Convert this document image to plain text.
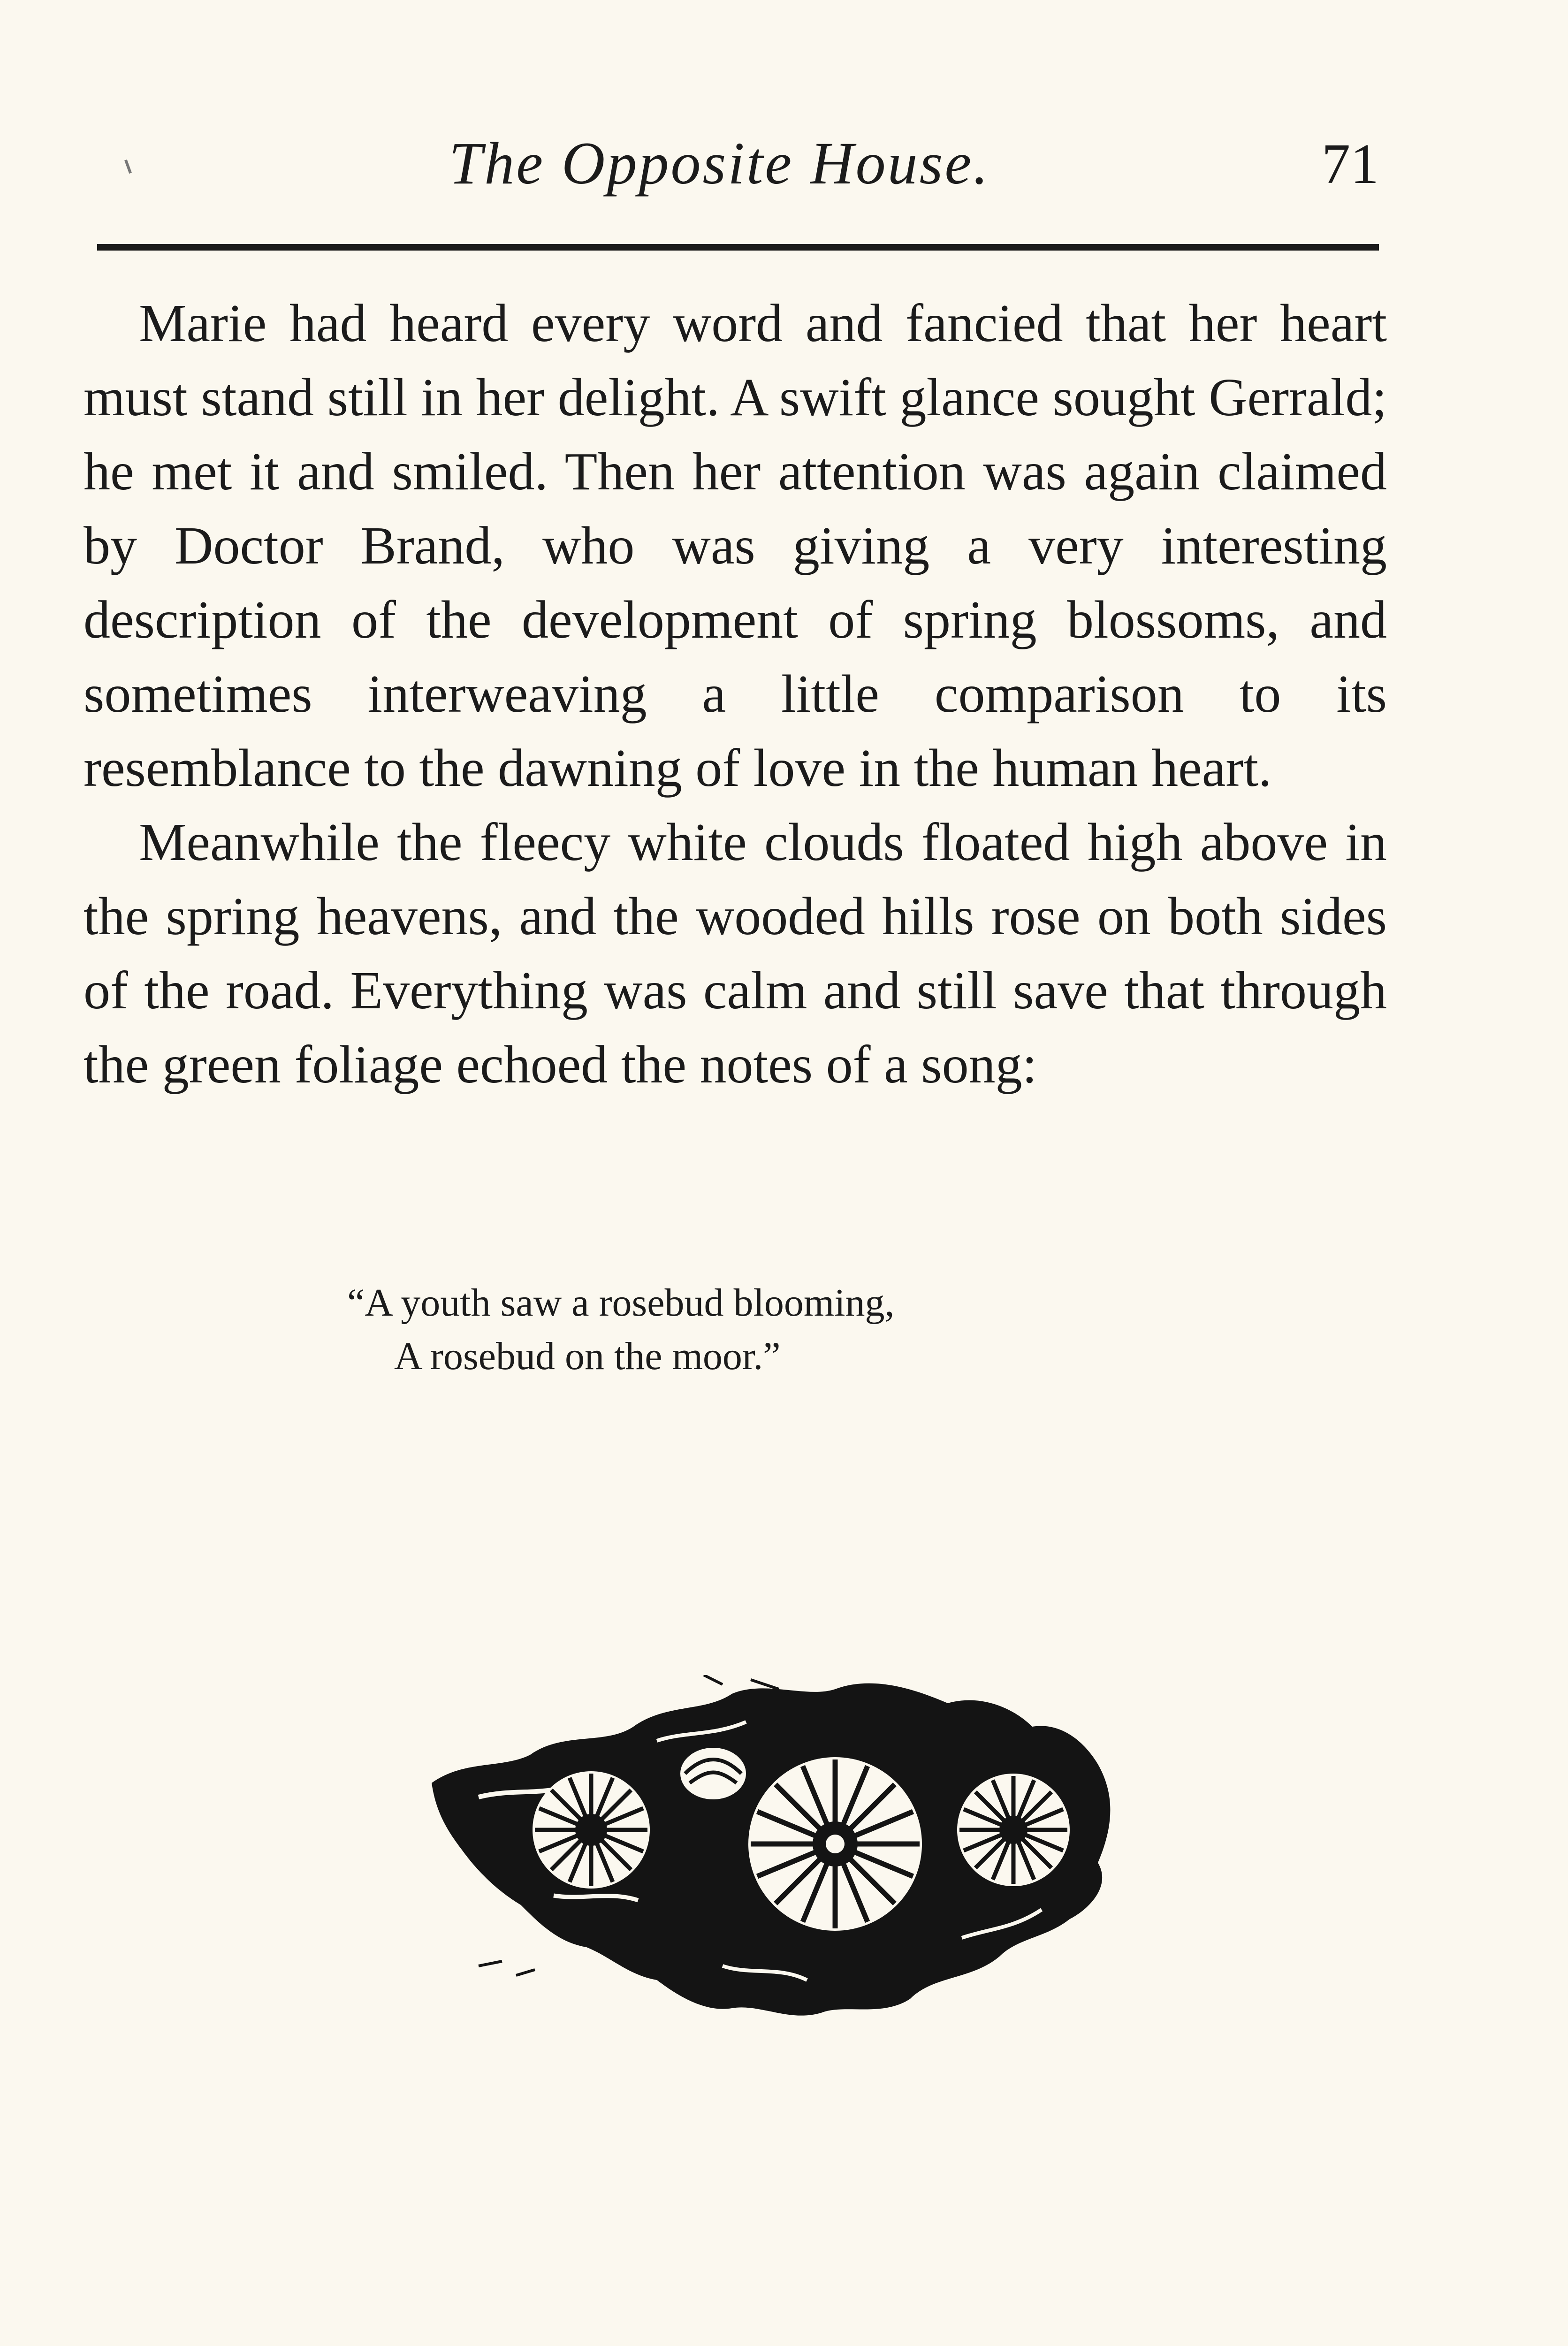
The Opposite House.	71

Marie had heard every word and fancied that her heart must stand still in her delight. A swift glance sought Gerrald; he met it and smiled. Then her attention was again claimed by Doctor Brand, who was giving a very interesting description of the development of spring blossoms, and sometimes interweaving a little comparison to its resemblance to the dawning of love in the human heart.

Meanwhile the fleecy white clouds floated high above in the spring heavens, and the wooded hills rose on both sides of the road. Everything was calm and still save that through the green foliage echoed the notes of a song:

“A youth saw a rosebud blooming,
A rosebud on the moor.”
